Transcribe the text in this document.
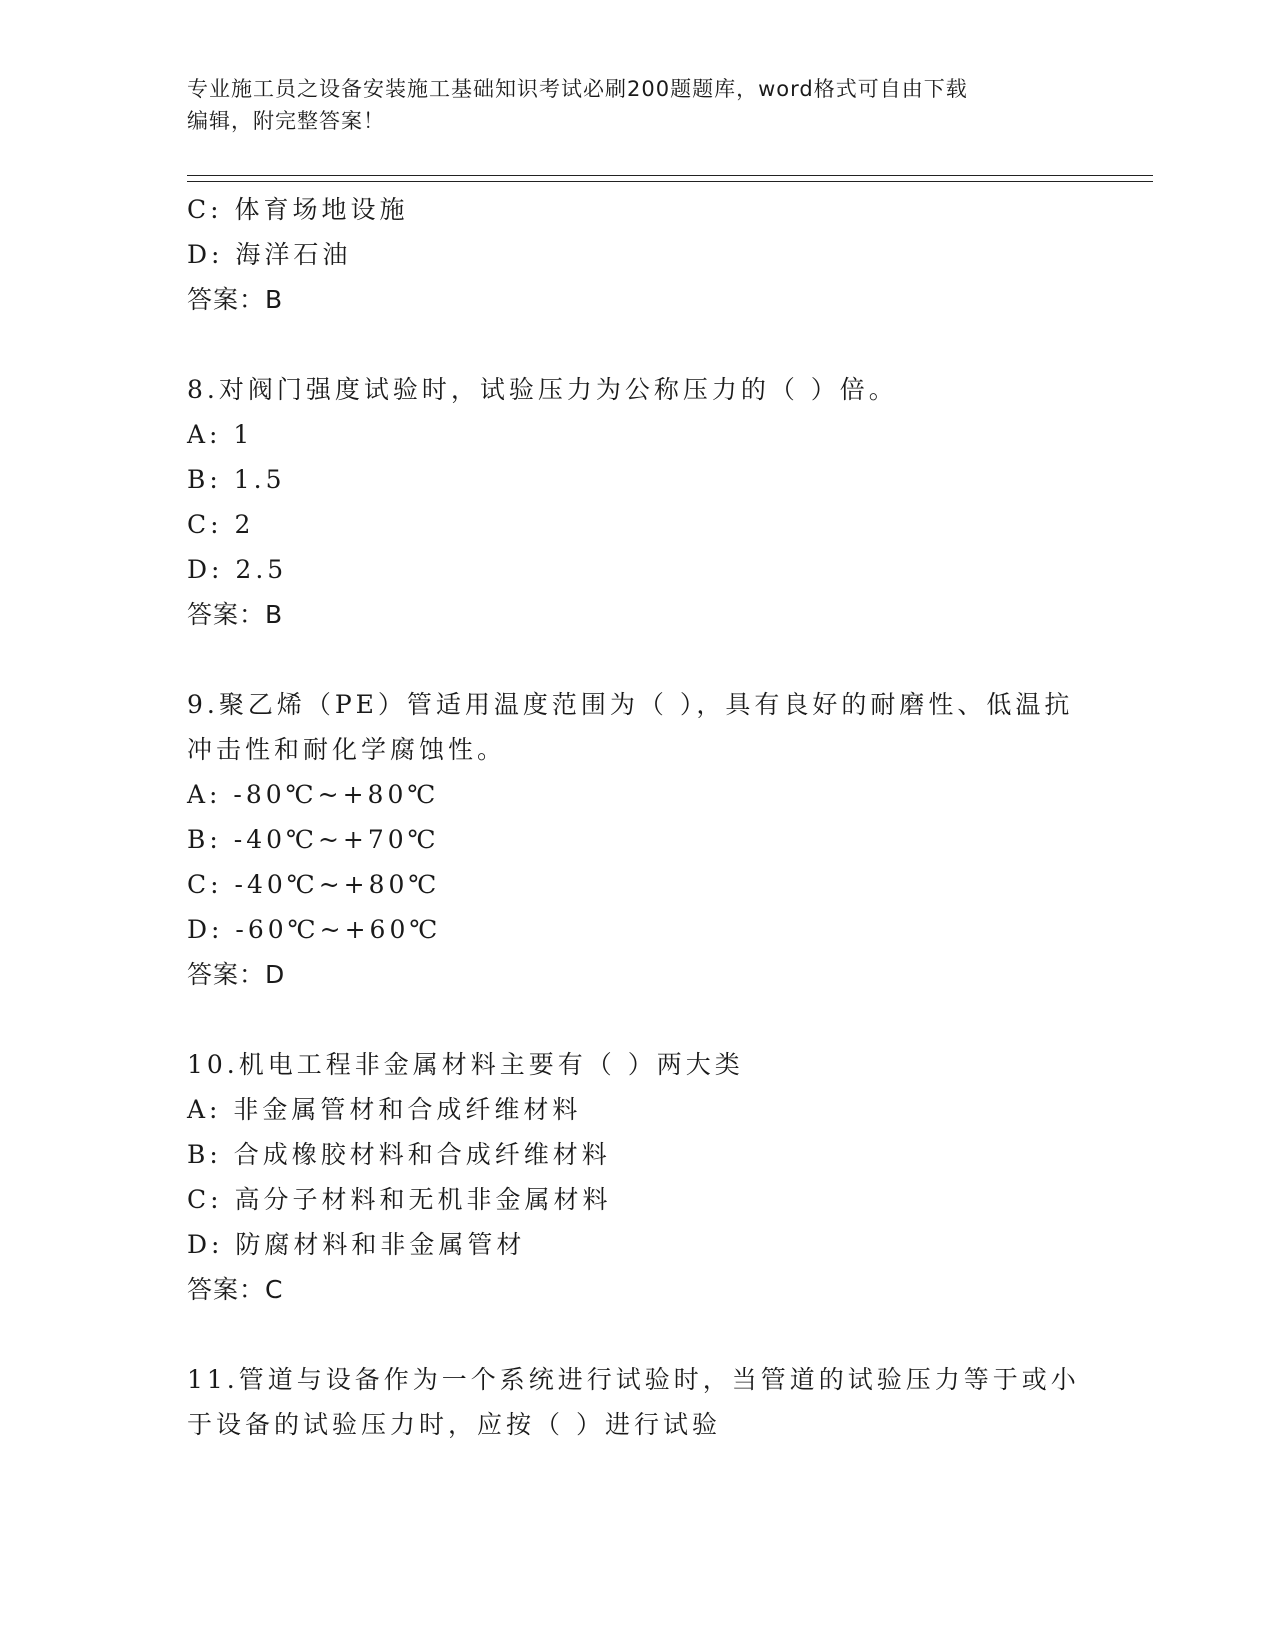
专业施工员之设备安装施工基础知识考试必刷200题题库，word格式可自由下载
编辑，附完整答案！
C: 体育场地设施
D: 海洋石油
答案：B
8.对阀门强度试验时，试验压力为公称压力的（ ）倍。
A: 1
B: 1.5
C: 2
D: 2.5
答案：B
9.聚乙烯（PE）管适用温度范围为（ ），具有良好的耐磨性、低温抗
冲击性和耐化学腐蚀性。
A: -80℃~+80℃
B: -40℃~+70℃
C: -40℃~+80℃
D: -60℃~+60℃
答案：D
10.机电工程非金属材料主要有（ ）两大类
A: 非金属管材和合成纤维材料
B: 合成橡胶材料和合成纤维材料
C: 高分子材料和无机非金属材料
D: 防腐材料和非金属管材
答案：C
11.管道与设备作为一个系统进行试验时，当管道的试验压力等于或小
于设备的试验压力时，应按（ ）进行试验
